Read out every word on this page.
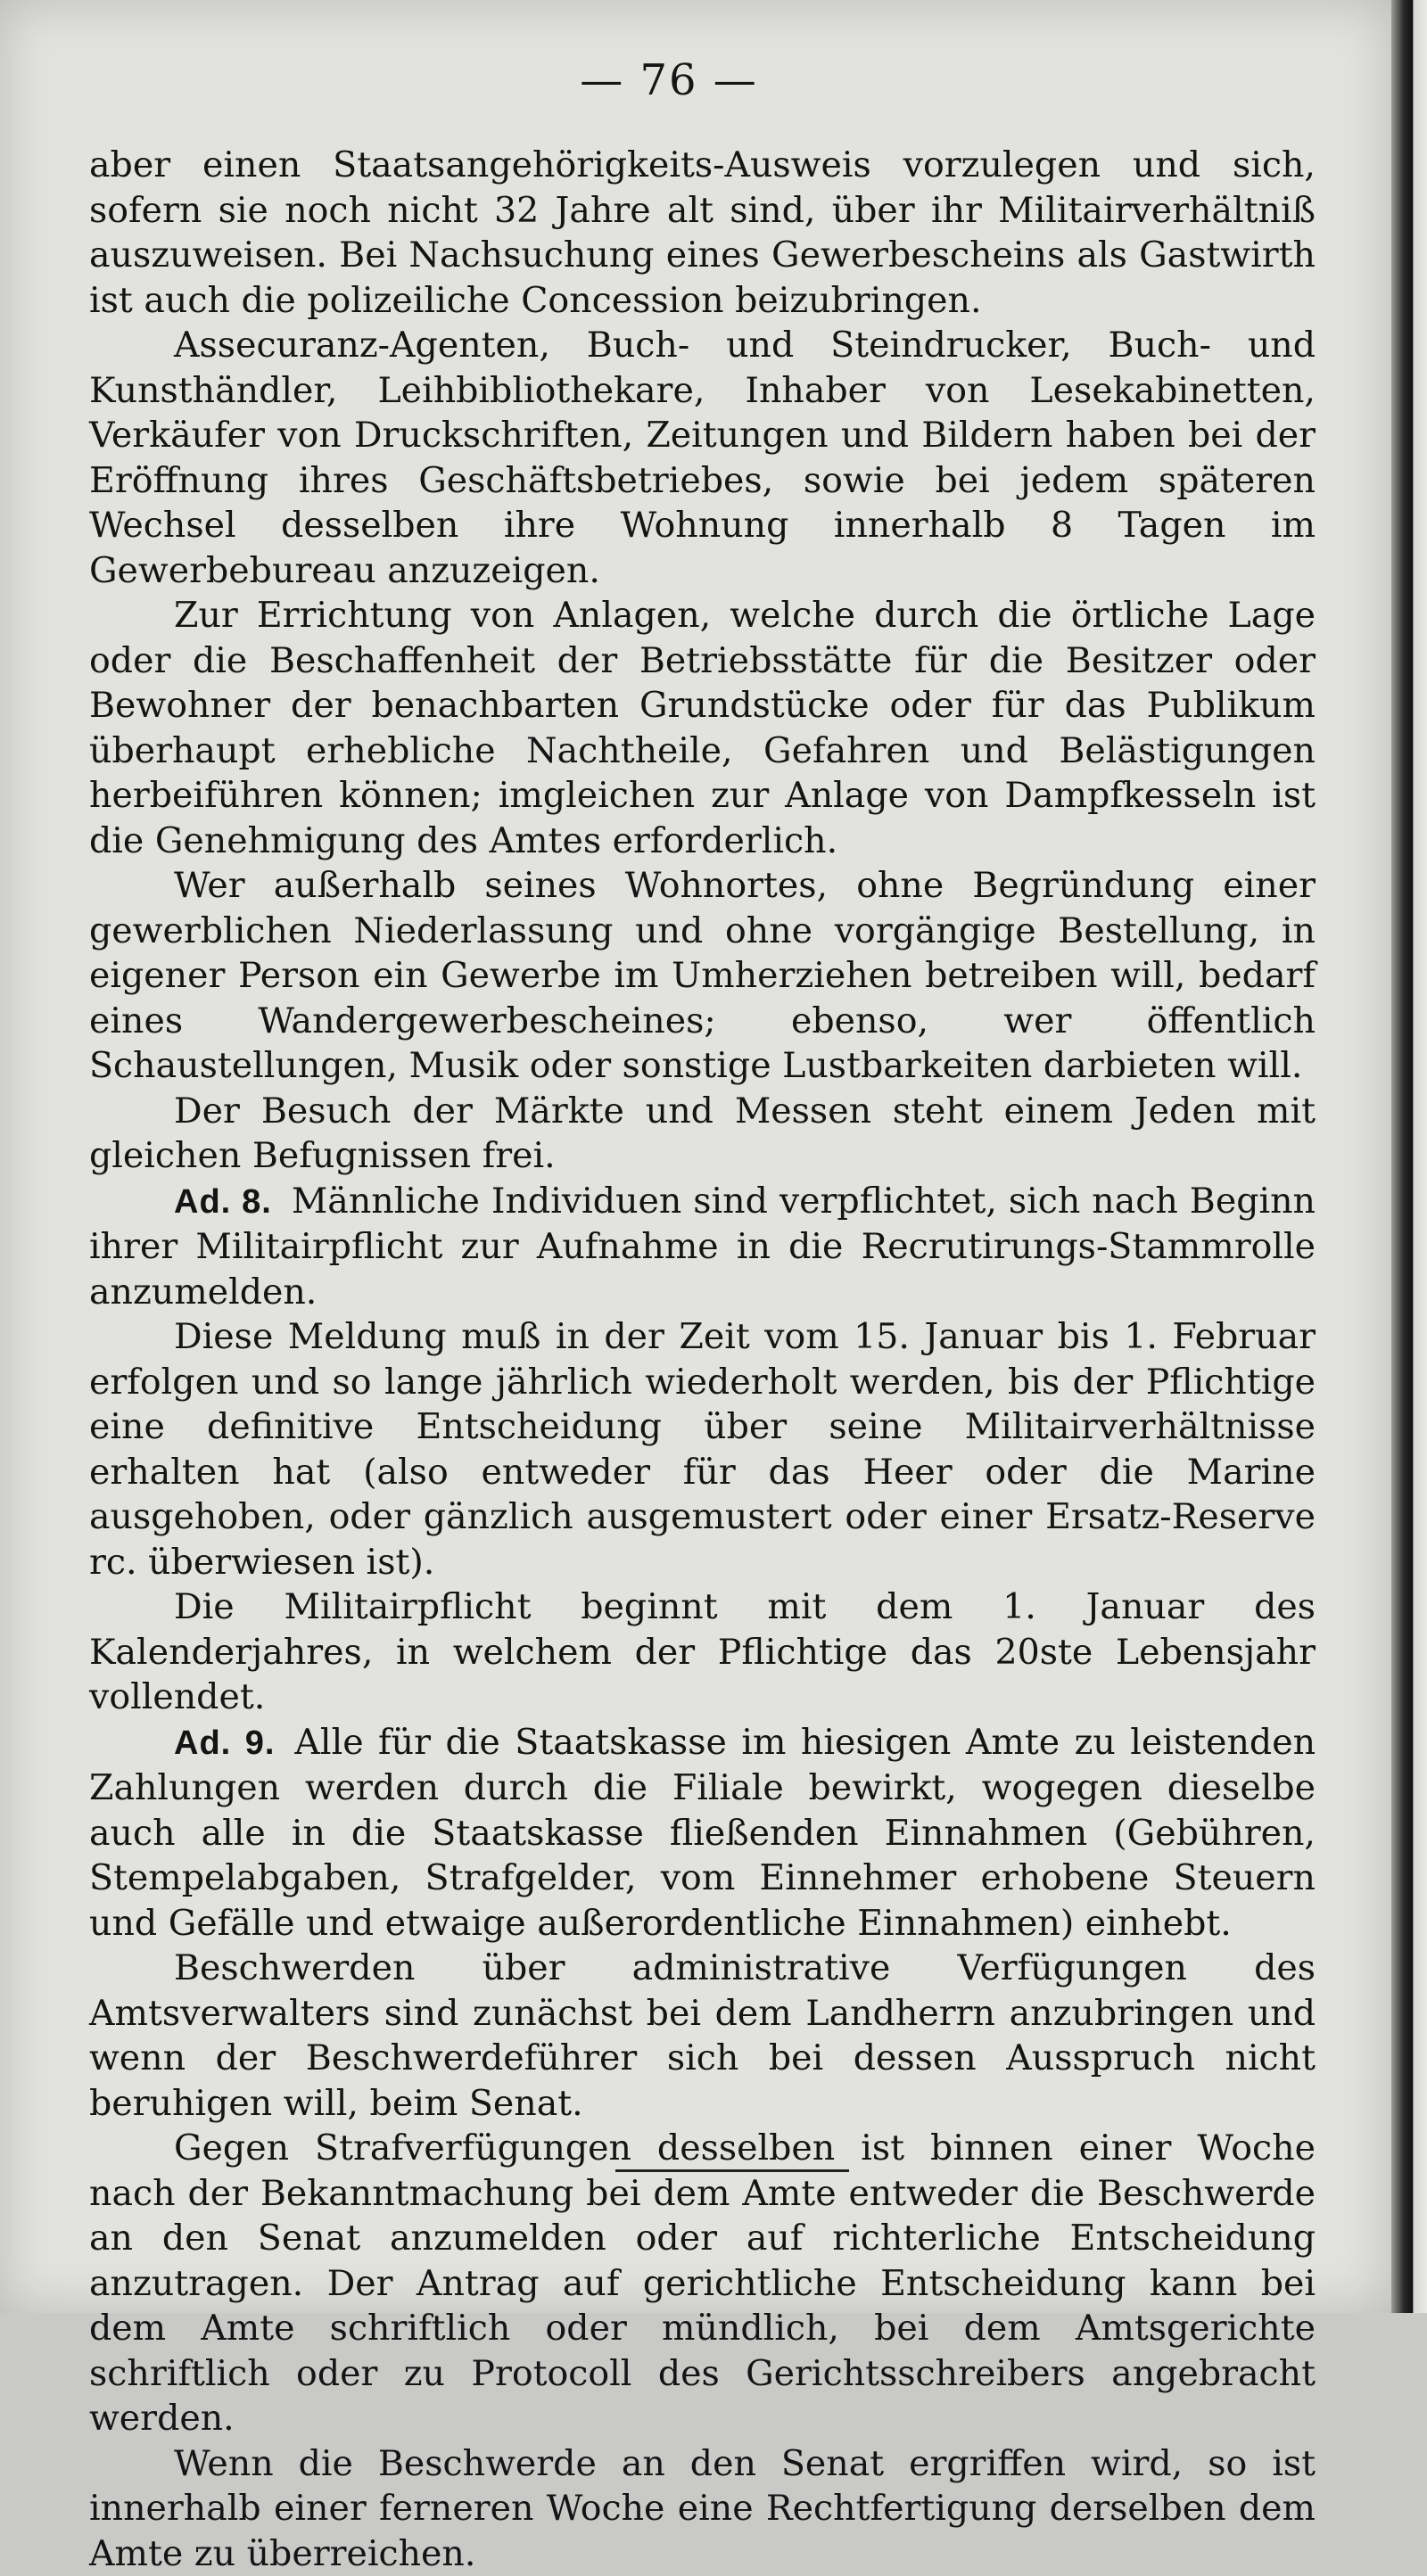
— 76 —

aber einen Staatsangehörigkeits-Ausweis vorzulegen und sich, sofern sie noch nicht 32 Jahre alt sind, über ihr Militairverhältniß auszuweisen. Bei Nachsuchung eines Gewerbescheins als Gastwirth ist auch die polizeiliche Concession beizubringen.

Assecuranz-Agenten, Buch- und Steindrucker, Buch- und Kunsthändler, Leihbibliothekare, Inhaber von Lesekabinetten, Verkäufer von Druckschriften, Zeitungen und Bildern haben bei der Eröffnung ihres Geschäftsbetriebes, sowie bei jedem späteren Wechsel desselben ihre Wohnung innerhalb 8 Tagen im Gewerbebureau anzuzeigen.

Zur Errichtung von Anlagen, welche durch die örtliche Lage oder die Beschaffenheit der Betriebsstätte für die Besitzer oder Bewohner der benachbarten Grundstücke oder für das Publikum überhaupt erhebliche Nachtheile, Gefahren und Belästigungen herbeiführen können; imgleichen zur Anlage von Dampfkesseln ist die Genehmigung des Amtes erforderlich.

Wer außerhalb seines Wohnortes, ohne Begründung einer gewerblichen Niederlassung und ohne vorgängige Bestellung, in eigener Person ein Gewerbe im Umherziehen betreiben will, bedarf eines Wandergewerbescheines; ebenso, wer öffentlich Schaustellungen, Musik oder sonstige Lustbarkeiten darbieten will.

Der Besuch der Märkte und Messen steht einem Jeden mit gleichen Befugnissen frei.

Ad. 8. Männliche Individuen sind verpflichtet, sich nach Beginn ihrer Militairpflicht zur Aufnahme in die Recrutirungs-Stammrolle anzumelden.

Diese Meldung muß in der Zeit vom 15. Januar bis 1. Februar erfolgen und so lange jährlich wiederholt werden, bis der Pflichtige eine definitive Entscheidung über seine Militairverhältnisse erhalten hat (also entweder für das Heer oder die Marine ausgehoben, oder gänzlich ausgemustert oder einer Ersatz-Reserve rc. überwiesen ist).

Die Militairpflicht beginnt mit dem 1. Januar des Kalenderjahres, in welchem der Pflichtige das 20ste Lebensjahr vollendet.

Ad. 9. Alle für die Staatskasse im hiesigen Amte zu leistenden Zahlungen werden durch die Filiale bewirkt, wogegen dieselbe auch alle in die Staatskasse fließenden Einnahmen (Gebühren, Stempelabgaben, Strafgelder, vom Einnehmer erhobene Steuern und Gefälle und etwaige außerordentliche Einnahmen) einhebt.

Beschwerden über administrative Verfügungen des Amtsverwalters sind zunächst bei dem Landherrn anzubringen und wenn der Beschwerdeführer sich bei dessen Ausspruch nicht beruhigen will, beim Senat.

Gegen Strafverfügungen desselben ist binnen einer Woche nach der Bekanntmachung bei dem Amte entweder die Beschwerde an den Senat anzumelden oder auf richterliche Entscheidung anzutragen. Der Antrag auf gerichtliche Entscheidung kann bei dem Amte schriftlich oder mündlich, bei dem Amtsgerichte schriftlich oder zu Protocoll des Gerichtsschreibers angebracht werden.

Wenn die Beschwerde an den Senat ergriffen wird, so ist innerhalb einer ferneren Woche eine Rechtfertigung derselben dem Amte zu überreichen.
